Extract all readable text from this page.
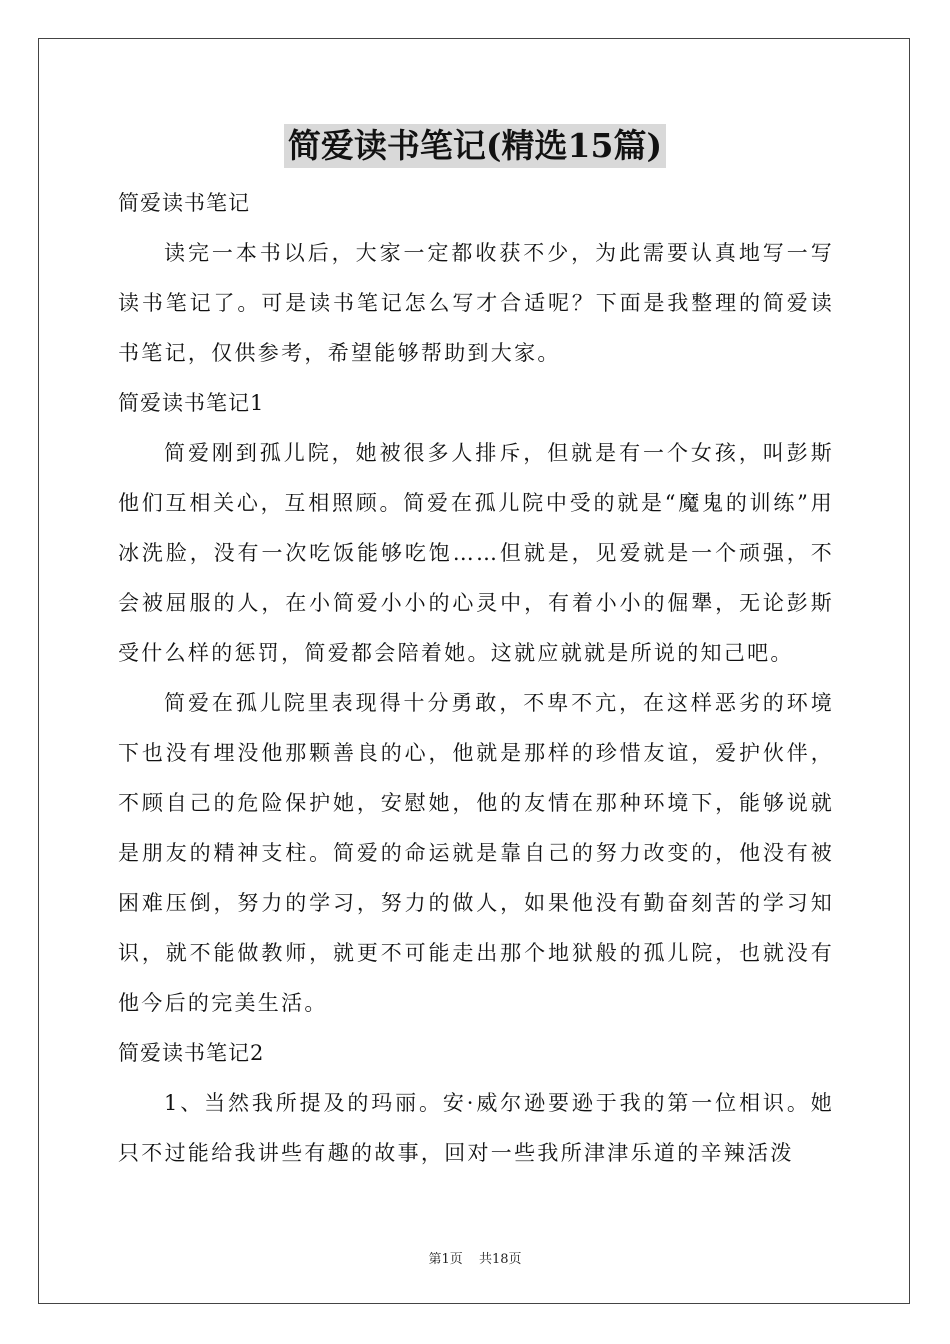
简爱读书笔记(精选15篇)

简爱读书笔记

读完一本书以后，大家一定都收获不少，为此需要认真地写一写读书笔记了。可是读书笔记怎么写才合适呢？下面是我整理的简爱读书笔记，仅供参考，希望能够帮助到大家。

简爱读书笔记1

简爱刚到孤儿院，她被很多人排斥，但就是有一个女孩，叫彭斯他们互相关心，互相照顾。简爱在孤儿院中受的就是“魔鬼的训练”用冰洗脸，没有一次吃饭能够吃饱……但就是，见爱就是一个顽强，不会被屈服的人，在小简爱小小的心灵中，有着小小的倔犟，无论彭斯受什么样的惩罚，简爱都会陪着她。这就应就就是所说的知己吧。

简爱在孤儿院里表现得十分勇敢，不卑不亢，在这样恶劣的环境下也没有埋没他那颗善良的心，他就是那样的珍惜友谊，爱护伙伴，不顾自己的危险保护她，安慰她，他的友情在那种环境下，能够说就是朋友的精神支柱。简爱的命运就是靠自己的努力改变的，他没有被困难压倒，努力的学习，努力的做人，如果他没有勤奋刻苦的学习知识，就不能做教师，就更不可能走出那个地狱般的孤儿院，也就没有他今后的完美生活。

简爱读书笔记2

1、当然我所提及的玛丽。安·威尔逊要逊于我的第一位相识。她只不过能给我讲些有趣的故事，回对一些我所津津乐道的辛辣活泼

第1页 共18页
